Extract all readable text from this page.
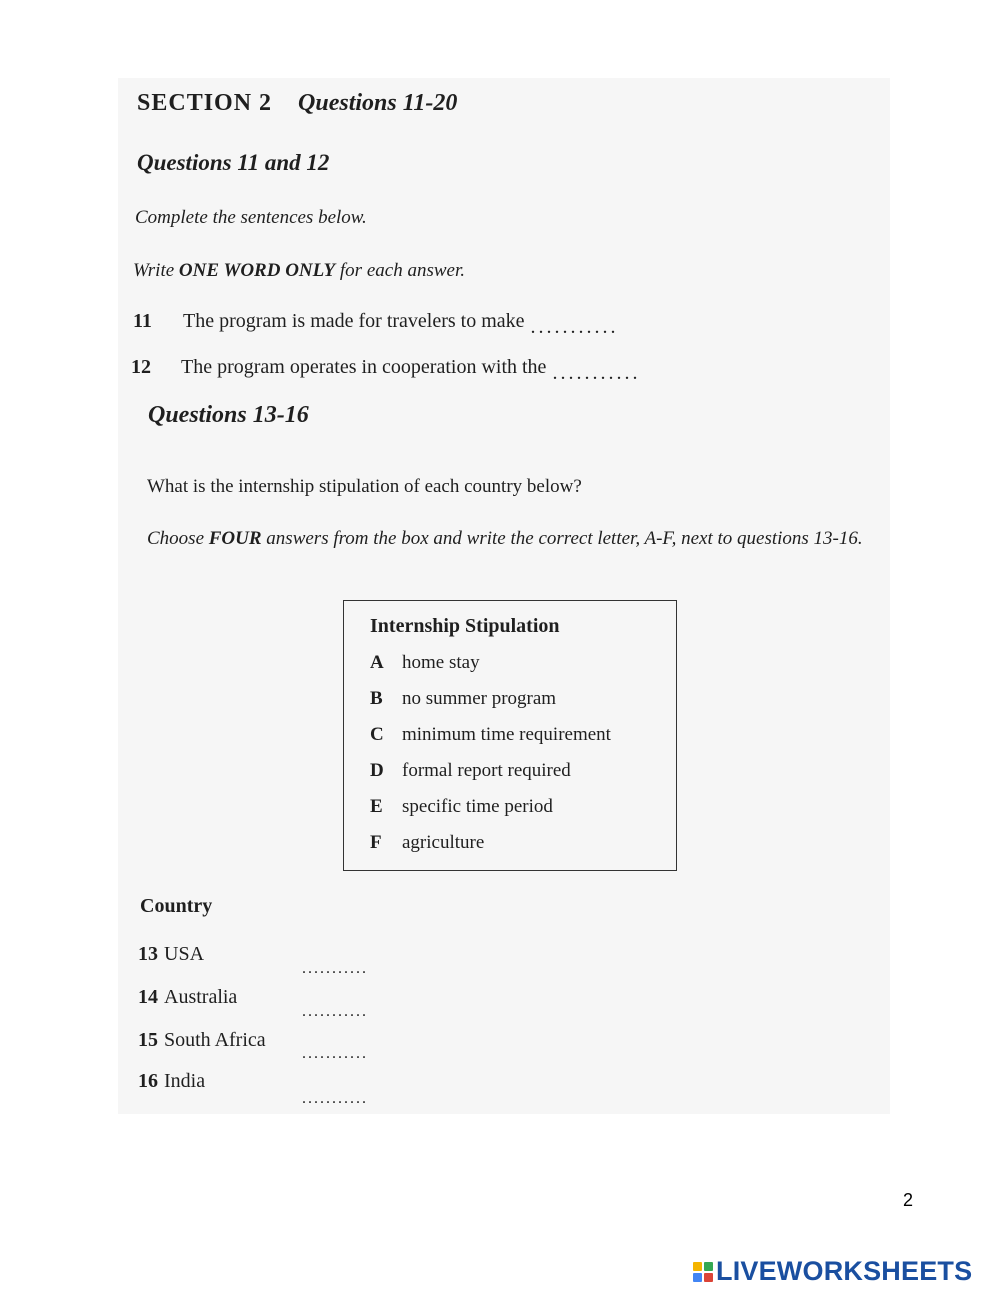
SECTION 2 Questions 11-20
Questions 11 and 12
Complete the sentences below.
Write ONE WORD ONLY for each answer.
11 The program is made for travelers to make ...........
12 The program operates in cooperation with the ...........
Questions 13-16
What is the internship stipulation of each country below?
Choose FOUR answers from the box and write the correct letter, A-F, next to questions 13-16.
Internship Stipulation
A home stay
B no summer program
C minimum time requirement
D formal report required
E specific time period
F agriculture
Country
13 USA
...........
14 Australia
...........
15 South Africa
...........
16 India
...........
2
LIVEWORKSHEETS
